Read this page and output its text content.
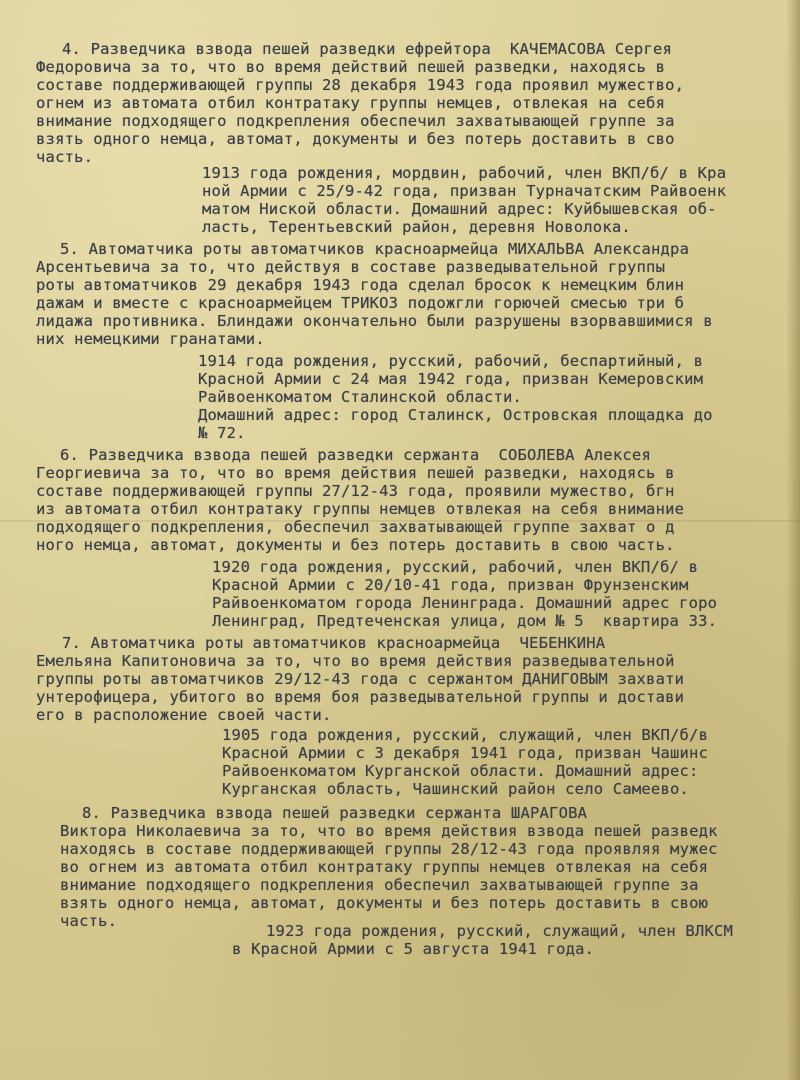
4. Разведчика взвода пешей разведки ефрейтора  КАЧЕМАСОВА Сергея

Федоровича за то, что во время действий пешей разведки, находясь в

составе поддерживающей группы 28 декабря 1943 года проявил мужество,

огнем из автомата отбил контратаку группы немцев, отвлекая на себя

внимание подходящего подкрепления обеспечил захватывающей группе за

взять одного немца, автомат, документы и без потерь доставить в сво

часть.

1913 года рождения, мордвин, рабочий, член ВКП/б/ в Кра

ной Армии с 25/9-42 года, призван Турначатским Райвоенк

матом Ниской области. Домашний адрес: Куйбышевская об-

ласть, Терентьевский район, деревня Новолока.

5. Автоматчика роты автоматчиков красноармейца МИХАЛЬВА Александра

Арсентьевича за то, что действуя в составе разведывательной группы

роты автоматчиков 29 декабря 1943 года сделал бросок к немецким блин

дажам и вместе с красноармейцем ТРИКОЗ подожгли горючей смесью три б

лидажа противника. Блиндажи окончательно были разрушены взорвавшимися в

них немецкими гранатами.

1914 года рождения, русский, рабочий, беспартийный, в

Красной Армии с 24 мая 1942 года, призван Кемеровским

Райвоенкоматом Сталинской области.

Домашний адрес: город Сталинск, Островская площадка до

№ 72.

6. Разведчика взвода пешей разведки сержанта  СОБОЛЕВА Алексея

Георгиевича за то, что во время действия пешей разведки, находясь в

составе поддерживающей группы 27/12-43 года, проявили мужество, бгн

из автомата отбил контратаку группы немцев отвлекая на себя внимание

подходящего подкрепления, обеспечил захватывающей группе захват о д

ного немца, автомат, документы и без потерь доставить в свою часть.

1920 года рождения, русский, рабочий, член ВКП/б/ в

Красной Армии с 20/10-41 года, призван Фрунзенским

Райвоенкоматом города Ленинграда. Домашний адрес горо

Ленинград, Предтеченская улица, дом № 5  квартира 33.

7. Автоматчика роты автоматчиков красноармейца  ЧЕБЕНКИНА

Емельяна Капитоновича за то, что во время действия разведывательной

группы роты автоматчиков 29/12-43 года с сержантом ДАНИГОВЫМ захвати

унтерофицера, убитого во время боя разведывательной группы и достави

его в расположение своей части.

1905 года рождения, русский, служащий, член ВКП/б/в

Красной Армии с 3 декабря 1941 года, призван Чашинс

Райвоенкоматом Курганской области. Домашний адрес:

Курганская область, Чашинский район село Самеево.

8. Разведчика взвода пешей разведки сержанта ШАРАГОВА

Виктора Николаевича за то, что во время действия взвода пешей разведк

находясь в составе поддерживающей группы 28/12-43 года проявляя мужес

во огнем из автомата отбил контратаку группы немцев отвлекая на себя

внимание подходящего подкрепления обеспечил захватывающей группе за

взять одного немца, автомат, документы и без потерь доставить в свою

часть.

1923 года рождения, русский, служащий, член ВЛКСМ

в Красной Армии с 5 августа 1941 года.
